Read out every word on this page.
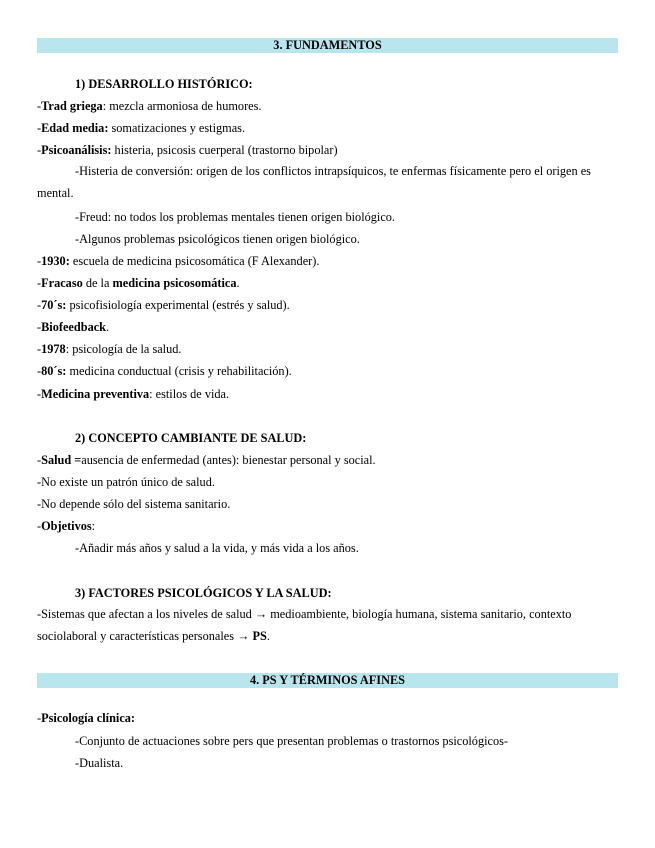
3. FUNDAMENTOS
1) DESARROLLO HISTÓRICO:
-Trad griega: mezcla armoniosa de humores.
-Edad media: somatizaciones y estigmas.
-Psicoanálisis: histeria, psicosis cuerperal (trastorno bipolar)
-Histeria de conversión: origen de los conflictos intrapsíquicos, te enfermas físicamente pero el origen es mental.
-Freud: no todos los problemas mentales tienen origen biológico.
-Algunos problemas psicológicos tienen origen biológico.
-1930: escuela de medicina psicosomática (F Alexander).
-Fracaso de la medicina psicosomática.
-70´s: psicofisiología experimental (estrés y salud).
-Biofeedback.
-1978: psicología de la salud.
-80´s: medicina conductual (crisis y rehabilitación).
-Medicina preventiva: estilos de vida.
2) CONCEPTO CAMBIANTE DE SALUD:
-Salud =ausencia de enfermedad (antes): bienestar personal y social.
-No existe un patrón único de salud.
-No depende sólo del sistema sanitario.
-Objetivos:
-Añadir más años y salud a la vida, y más vida a los años.
3) FACTORES PSICOLÓGICOS Y LA SALUD:
-Sistemas que afectan a los niveles de salud → medioambiente, biología humana, sistema sanitario, contexto sociolaboral y características personales → PS.
4. PS Y TÉRMINOS AFINES
-Psicología clínica:
-Conjunto de actuaciones sobre pers que presentan problemas o trastornos psicológicos-
-Dualista.
